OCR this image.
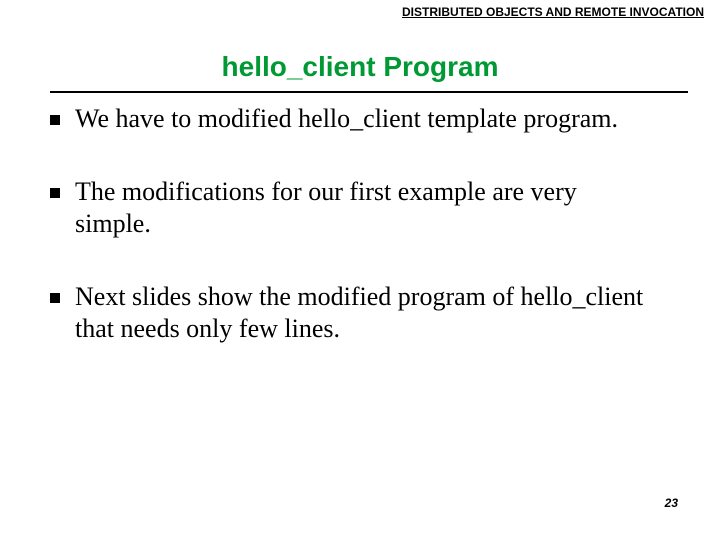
DISTRIBUTED OBJECTS AND REMOTE INVOCATION
hello_client Program
We have to modified hello_client template program.
The modifications for our first example are very simple.
Next slides show the modified program of hello_client that needs only few lines.
23
